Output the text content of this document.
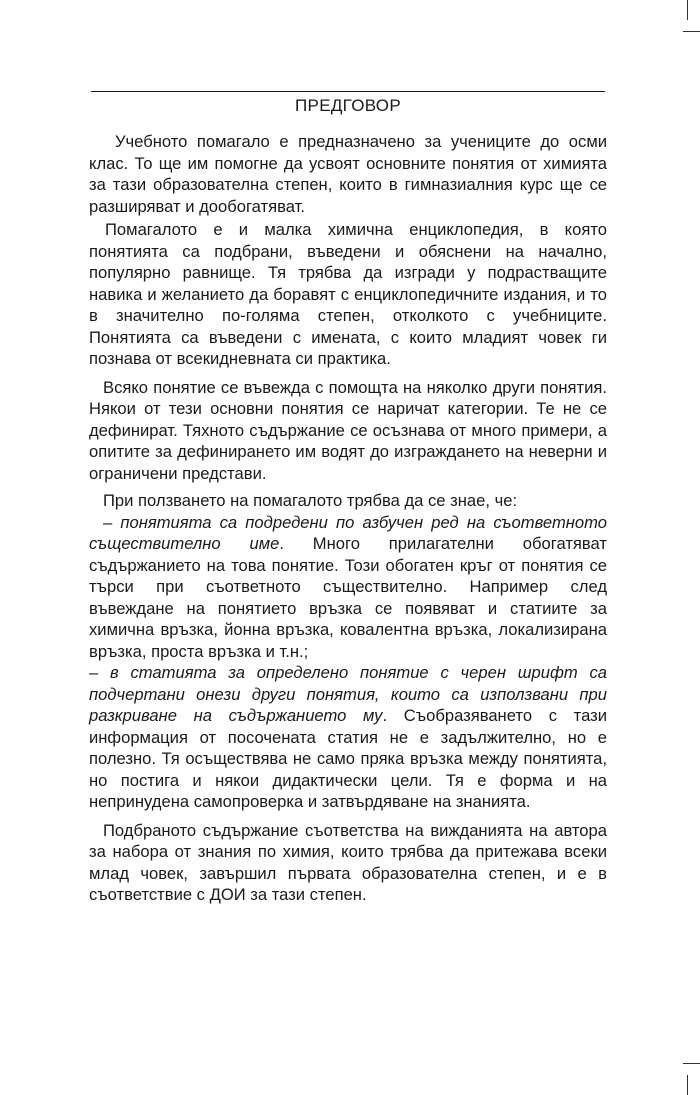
ПРЕДГОВОР

Учебното помагало е предназначено за учениците до осми клас. То ще им помогне да усвоят основните понятия от химията за тази образователна степен, които в гимназиалния курс ще се разширяват и дообогатяват.

Помагалото е и малка химична енциклопедия, в която понятията са подбрани, въведени и обяснени на начално, популярно равнище. Тя трябва да изгради у подрастващите навика и желанието да боравят с енциклопедичните издания, и то в значително по-голяма степен, отколкото с учебниците. Понятията са въведени с имената, с които младият човек ги познава от всекидневната си практика.

Всяко понятие се въвежда с помощта на няколко други понятия. Някои от тези основни понятия се наричат категории. Те не се дефинират. Тяхното съдържание се осъзнава от много примери, а опитите за дефинирането им водят до изграждането на неверни и ограничени представи.

При ползването на помагалото трябва да се знае, че:

– понятията са подредени по азбучен ред на съответното съществително име. Много прилагателни обогатяват съдържанието на това понятие. Този обогатен кръг от понятия се търси при съответното съществително. Например след въвеждане на понятието връзка се появяват и статиите за химична връзка, йонна връзка, ковалентна връзка, локализирана връзка, проста връзка и т.н.;

– в статията за определено понятие с черен шрифт са подчертани онези други понятия, които са използвани при разкриване на съдържанието му. Съобразяването с тази информация от посочената статия не е задължително, но е полезно. Тя осъществява не само пряка връзка между понятията, но постига и някои дидактически цели. Тя е форма и на непринудена самопроверка и затвърдяване на знанията.

Подбраното съдържание съответства на вижданията на автора за набора от знания по химия, които трябва да притежава всеки млад човек, завършил първата образователна степен, и е в съответствие с ДОИ за тази степен.
